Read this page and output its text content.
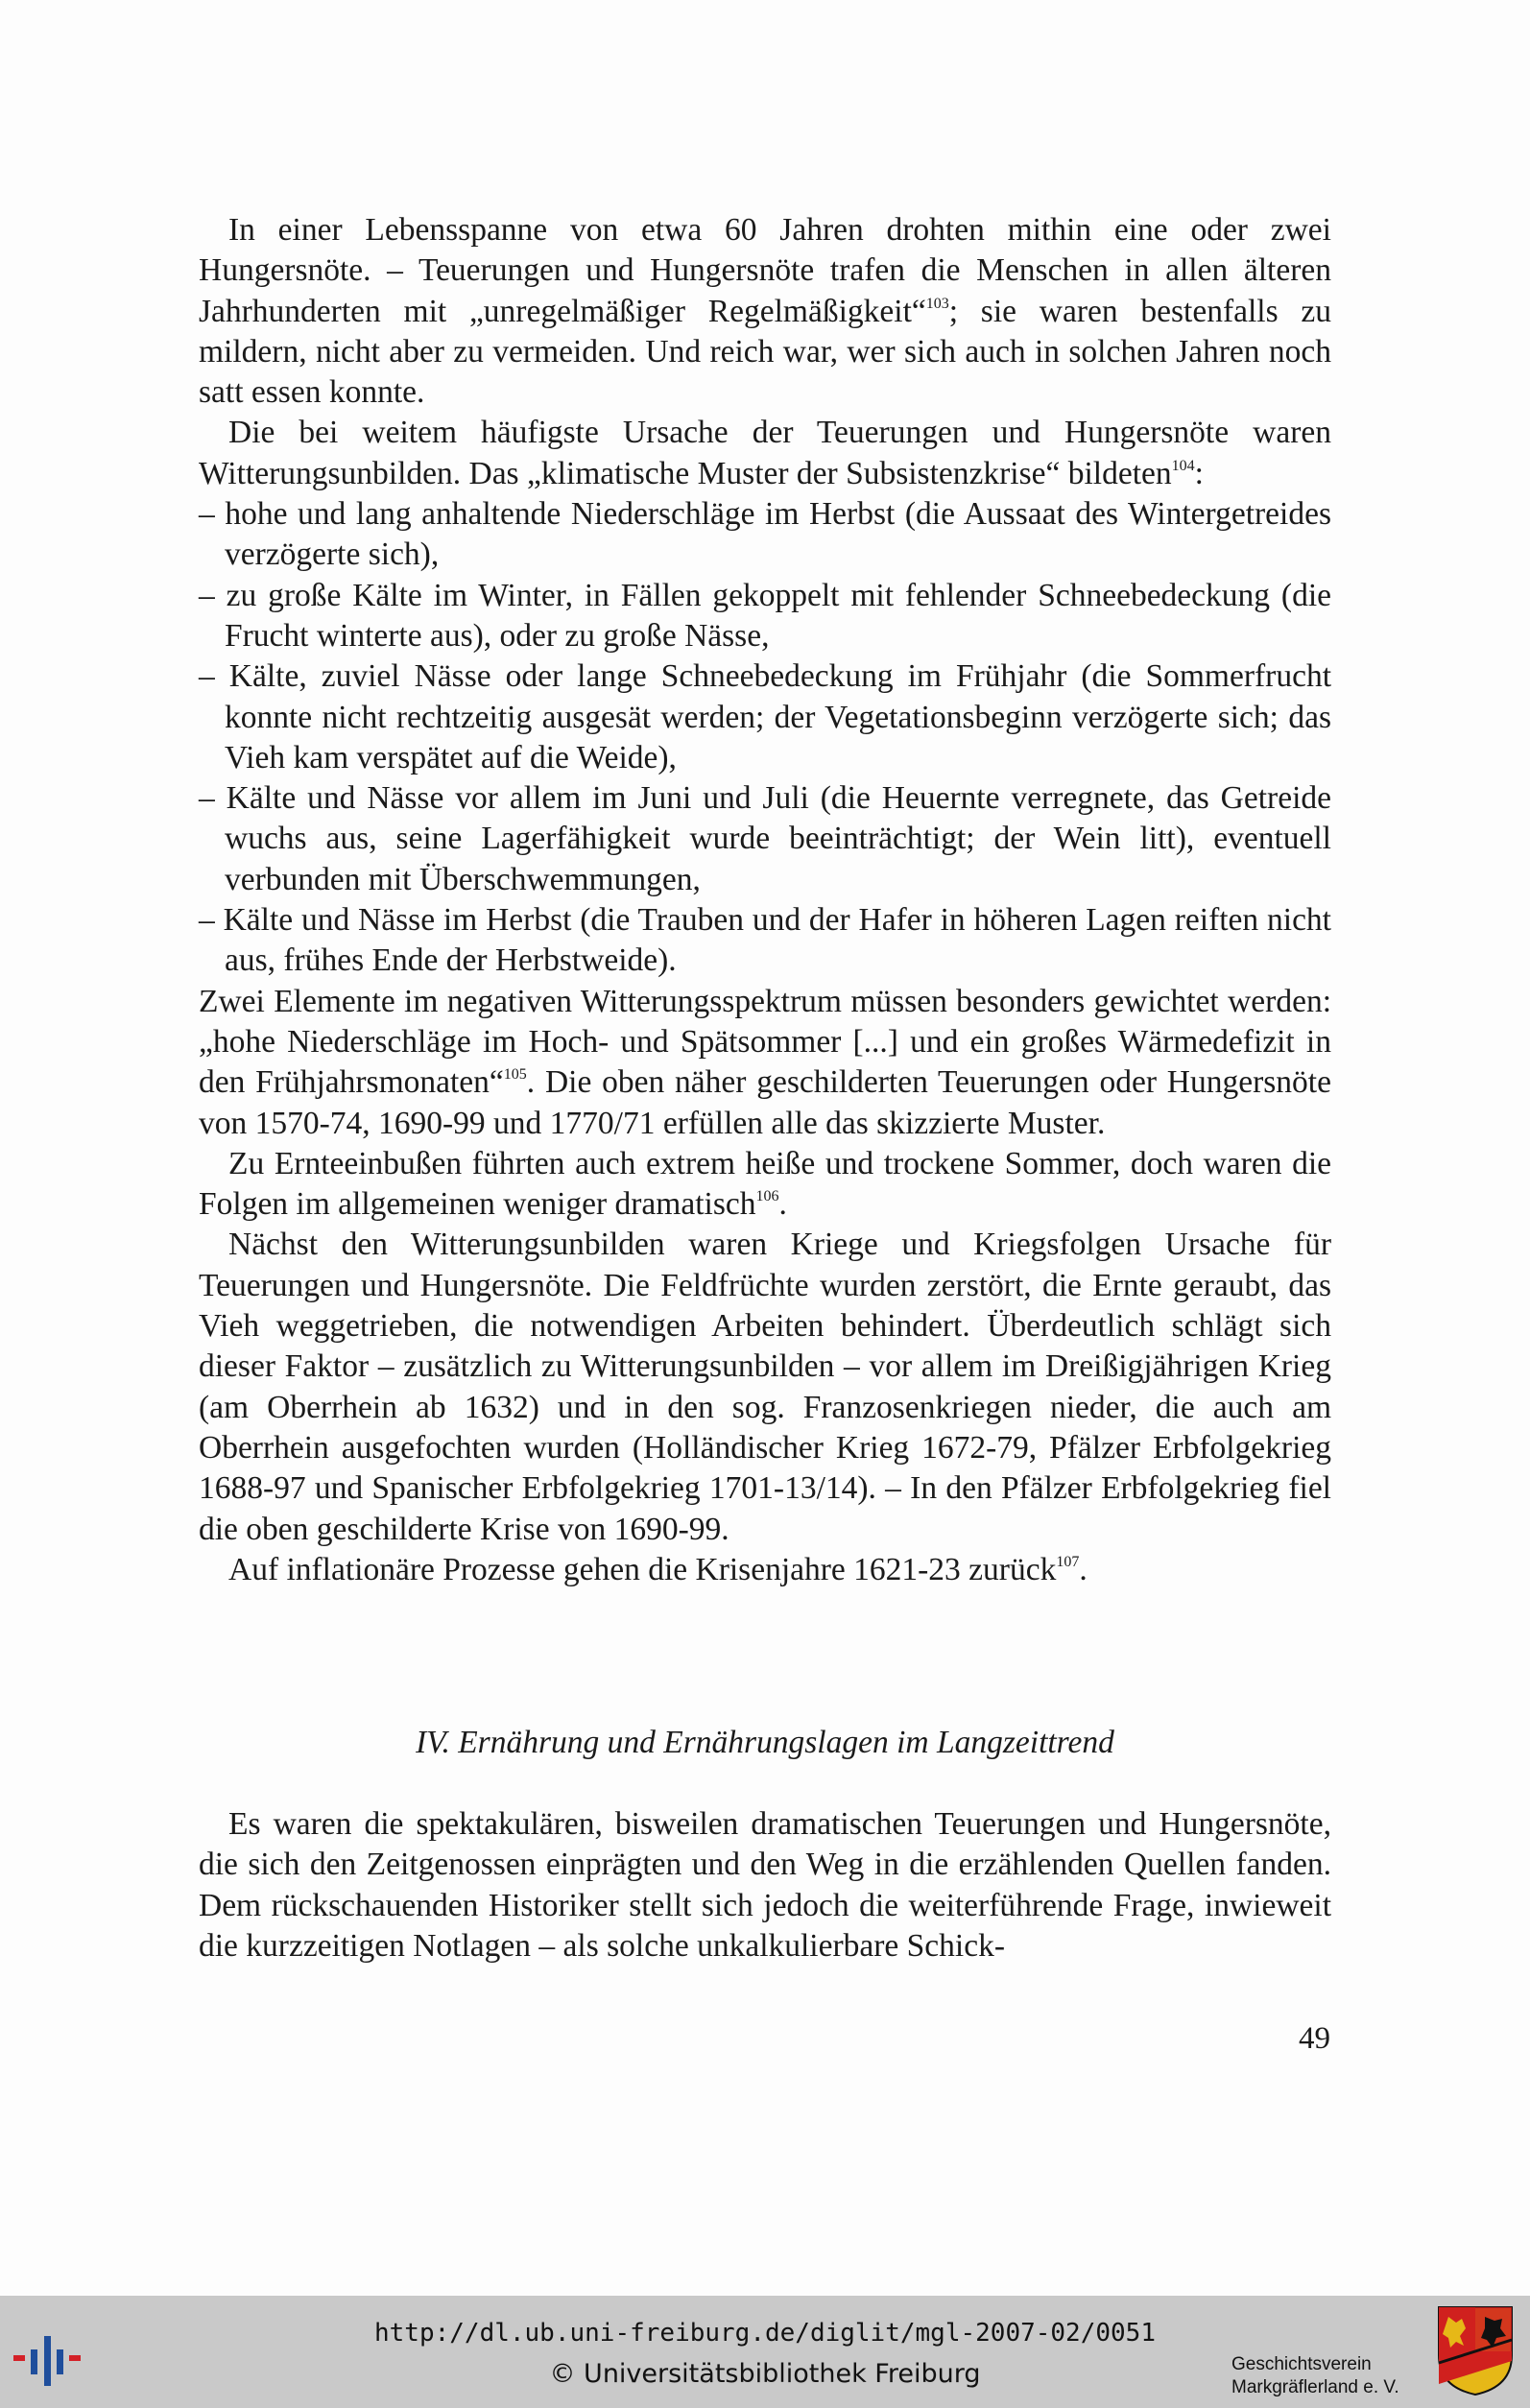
In einer Lebensspanne von etwa 60 Jahren drohten mithin eine oder zwei Hungersnöte. – Teuerungen und Hungersnöte trafen die Menschen in allen älteren Jahrhunderten mit „unregelmäßiger Regelmäßigkeit“$^{103}$; sie waren bestenfalls zu mildern, nicht aber zu vermeiden. Und reich war, wer sich auch in solchen Jahren noch satt essen konnte.

Die bei weitem häufigste Ursache der Teuerungen und Hungersnöte waren Witterungsunbilden. Das „klimatische Muster der Subsistenzkrise“ bildeten$^{104}$:

– hohe und lang anhaltende Niederschläge im Herbst (die Aussaat des Wintergetreides verzögerte sich),

– zu große Kälte im Winter, in Fällen gekoppelt mit fehlender Schneebedeckung (die Frucht winterte aus), oder zu große Nässe,

– Kälte, zuviel Nässe oder lange Schneebedeckung im Frühjahr (die Sommerfrucht konnte nicht rechtzeitig ausgesät werden; der Vegetationsbeginn verzögerte sich; das Vieh kam verspätet auf die Weide),

– Kälte und Nässe vor allem im Juni und Juli (die Heuernte verregnete, das Getreide wuchs aus, seine Lagerfähigkeit wurde beeinträchtigt; der Wein litt), eventuell verbunden mit Überschwemmungen,

– Kälte und Nässe im Herbst (die Trauben und der Hafer in höheren Lagen reiften nicht aus, frühes Ende der Herbstweide).

Zwei Elemente im negativen Witterungsspektrum müssen besonders gewichtet werden: „hohe Niederschläge im Hoch- und Spätsommer [...] und ein großes Wärmedefizit in den Frühjahrsmonaten“$^{105}$. Die oben näher geschilderten Teuerungen oder Hungersnöte von 1570-74, 1690-99 und 1770/71 erfüllen alle das skizzierte Muster.

Zu Ernteeinbußen führten auch extrem heiße und trockene Sommer, doch waren die Folgen im allgemeinen weniger dramatisch$^{106}$.

Nächst den Witterungsunbilden waren Kriege und Kriegsfolgen Ursache für Teuerungen und Hungersnöte. Die Feldfrüchte wurden zerstört, die Ernte geraubt, das Vieh weggetrieben, die notwendigen Arbeiten behindert. Überdeutlich schlägt sich dieser Faktor – zusätzlich zu Witterungsunbilden – vor allem im Dreißigjährigen Krieg (am Oberrhein ab 1632) und in den sog. Franzosenkriegen nieder, die auch am Oberrhein ausgefochten wurden (Holländischer Krieg 1672-79, Pfälzer Erbfolgekrieg 1688-97 und Spanischer Erbfolgekrieg 1701-13/14). – In den Pfälzer Erbfolgekrieg fiel die oben geschilderte Krise von 1690-99.

Auf inflationäre Prozesse gehen die Krisenjahre 1621-23 zurück$^{107}$.

IV. Ernährung und Ernährungslagen im Langzeittrend

Es waren die spektakulären, bisweilen dramatischen Teuerungen und Hungersnöte, die sich den Zeitgenossen einprägten und den Weg in die erzählenden Quellen fanden. Dem rückschauenden Historiker stellt sich jedoch die weiterführende Frage, inwieweit die kurzzeitigen Notlagen – als solche unkalkulierbare Schick-

49
http://dl.ub.uni-freiburg.de/diglit/mgl-2007-02/0051
© Universitätsbibliothek Freiburg	Geschichtsverein
Markgräflerland e. V.
